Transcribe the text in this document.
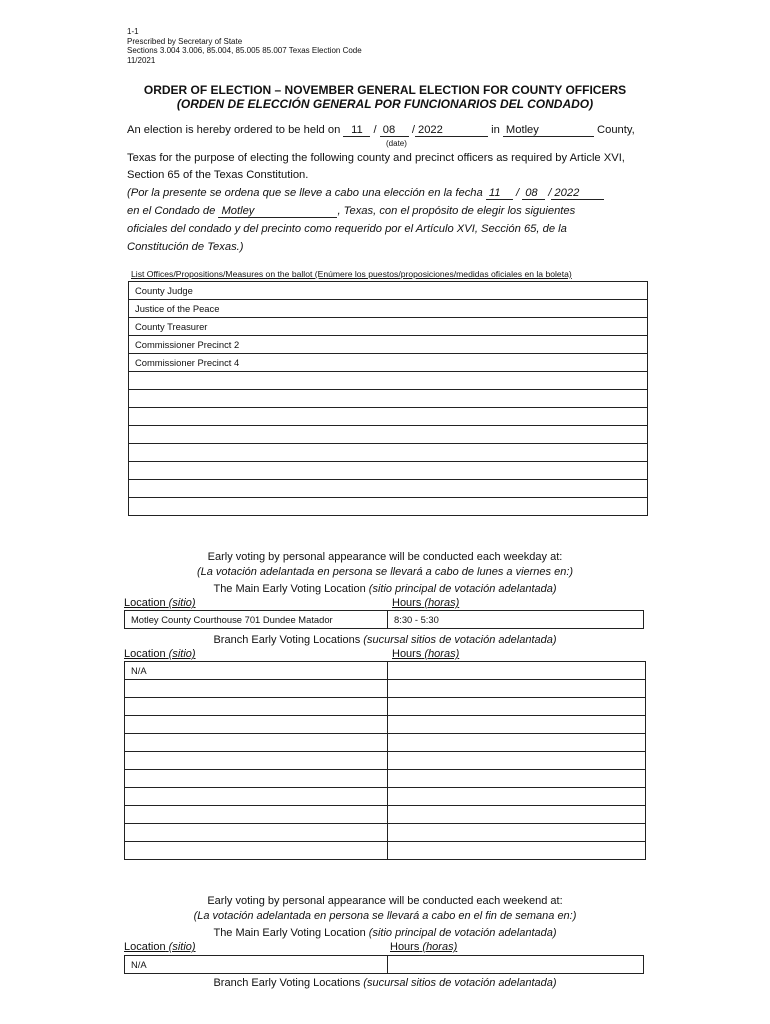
1-1
Prescribed by Secretary of State
Sections 3.004 3.006, 85.004, 85.005 85.007 Texas Election Code
11/2021
ORDER OF ELECTION – NOVEMBER GENERAL ELECTION FOR COUNTY OFFICERS
(ORDEN DE ELECCIÓN GENERAL POR FUNCIONARIOS DEL CONDADO)
An election is hereby ordered to be held on 11 / 08 / 2022	in Motley	County,
(date)
Texas for the purpose of electing the following county and precinct officers as required by Article XVI,
Section 65 of the Texas Constitution.
(Por la presente se ordena que se lleve a cabo una elección en la fecha 11 / 08 / 2022
en el Condado de Motley	, Texas, con el propósito de elegir los siguientes
oficiales del condado y del precinto como requerido por el Artículo XVI, Sección 65, de la
Constitución de Texas.)
List Offices/Propositions/Measures on the ballot (Enúmere los puestos/proposiciones/medidas oficiales en la boleta)
County Judge
Justice of the Peace
County Treasurer
Commissioner Precinct 2
Commissioner Precinct 4

Early voting by personal appearance will be conducted each weekday at:
(La votación adelantada en persona se llevará a cabo de lunes a viernes en:)
The Main Early Voting Location (sitio principal de votación adelantada)
Location (sitio)	Hours (horas)
Motley County Courthouse 701 Dundee Matador	8:30 - 5:30
Branch Early Voting Locations (sucursal sitios de votación adelantada)
Location (sitio)	Hours (horas)
N/A	

Early voting by personal appearance will be conducted each weekend at:
(La votación adelantada en persona se llevará a cabo en el fin de semana en:)
The Main Early Voting Location (sitio principal de votación adelantada)
Location (sitio)	Hours (horas)
N/A	
Branch Early Voting Locations (sucursal sitios de votación adelantada)
